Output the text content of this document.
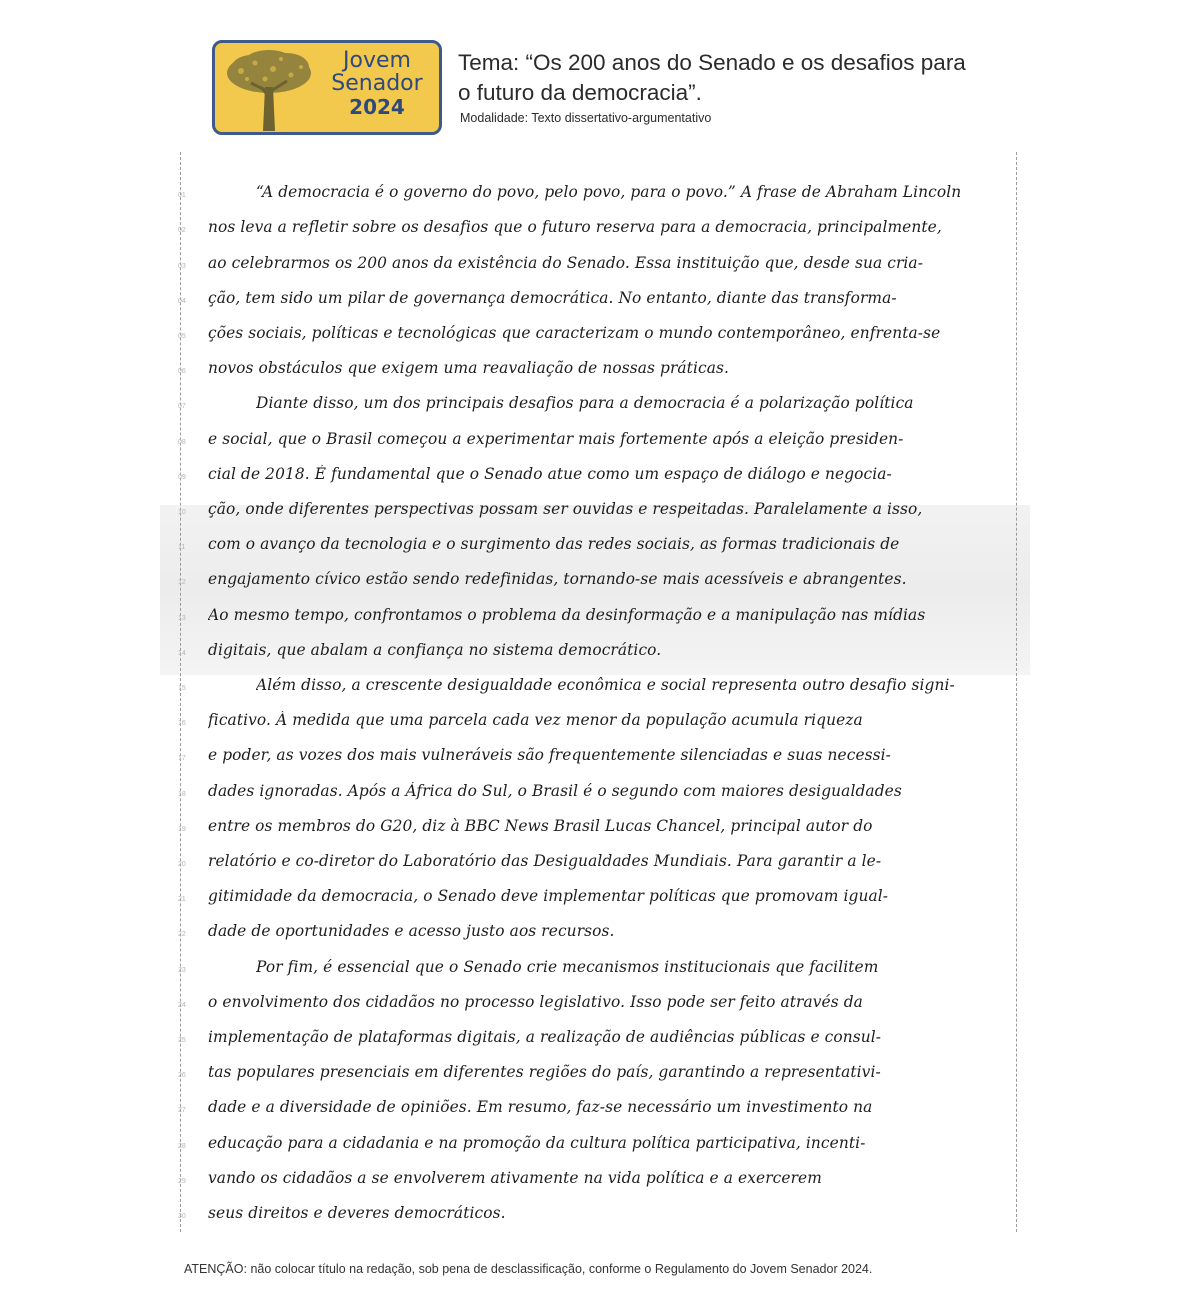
Jovem
Senador
2024
Tema: “Os 200 anos do Senado e os desafios para o futuro da democracia”.
Modalidade: Texto dissertativo-argumentativo
01	“A democracia é o governo do povo, pelo povo, para o povo.” A frase de Abraham Lincoln
02 nos leva a refletir sobre os desafios que o futuro reserva para a democracia, principalmente,
03 ao celebrarmos os 200 anos da existência do Senado. Essa instituição que, desde sua cria-
04 ção, tem sido um pilar de governança democrática. No entanto, diante das transforma-
05 ções sociais, políticas e tecnológicas que caracterizam o mundo contemporâneo, enfrenta-se
06 novos obstáculos que exigem uma reavaliação de nossas práticas.
07	Diante disso, um dos principais desafios para a democracia é a polarização política
08 e social, que o Brasil começou a experimentar mais fortemente após a eleição presiden-
09 cial de 2018. É fundamental que o Senado atue como um espaço de diálogo e negocia-
10 ção, onde diferentes perspectivas possam ser ouvidas e respeitadas. Paralelamente a isso,
11 com o avanço da tecnologia e o surgimento das redes sociais, as formas tradicionais de
12 engajamento cívico estão sendo redefinidas, tornando-se mais acessíveis e abrangentes.
13 Ao mesmo tempo, confrontamos o problema da desinformação e a manipulação nas mídias
14 digitais, que abalam a confiança no sistema democrático.
15	Além disso, a crescente desigualdade econômica e social representa outro desafio signi-
16 ficativo. À medida que uma parcela cada vez menor da população acumula riqueza
17 e poder, as vozes dos mais vulneráveis são frequentemente silenciadas e suas necessi-
18 dades ignoradas. Após a África do Sul, o Brasil é o segundo com maiores desigualdades
19 entre os membros do G20, diz à BBC News Brasil Lucas Chancel, principal autor do
20 relatório e co-diretor do Laboratório das Desigualdades Mundiais. Para garantir a le-
21 gitimidade da democracia, o Senado deve implementar políticas que promovam igual-
22 dade de oportunidades e acesso justo aos recursos.
23	Por fim, é essencial que o Senado crie mecanismos institucionais que facilitem
24 o envolvimento dos cidadãos no processo legislativo. Isso pode ser feito através da
25 implementação de plataformas digitais, a realização de audiências públicas e consul-
26 tas populares presenciais em diferentes regiões do país, garantindo a representativi-
27 dade e a diversidade de opiniões. Em resumo, faz-se necessário um investimento na
28 educação para a cidadania e na promoção da cultura política participativa, incenti-
29 vando os cidadãos a se envolverem ativamente na vida política e a exercerem
30 seus direitos e deveres democráticos.
ATENÇÃO: não colocar título na redação, sob pena de desclassificação, conforme o Regulamento do Jovem Senador 2024.
